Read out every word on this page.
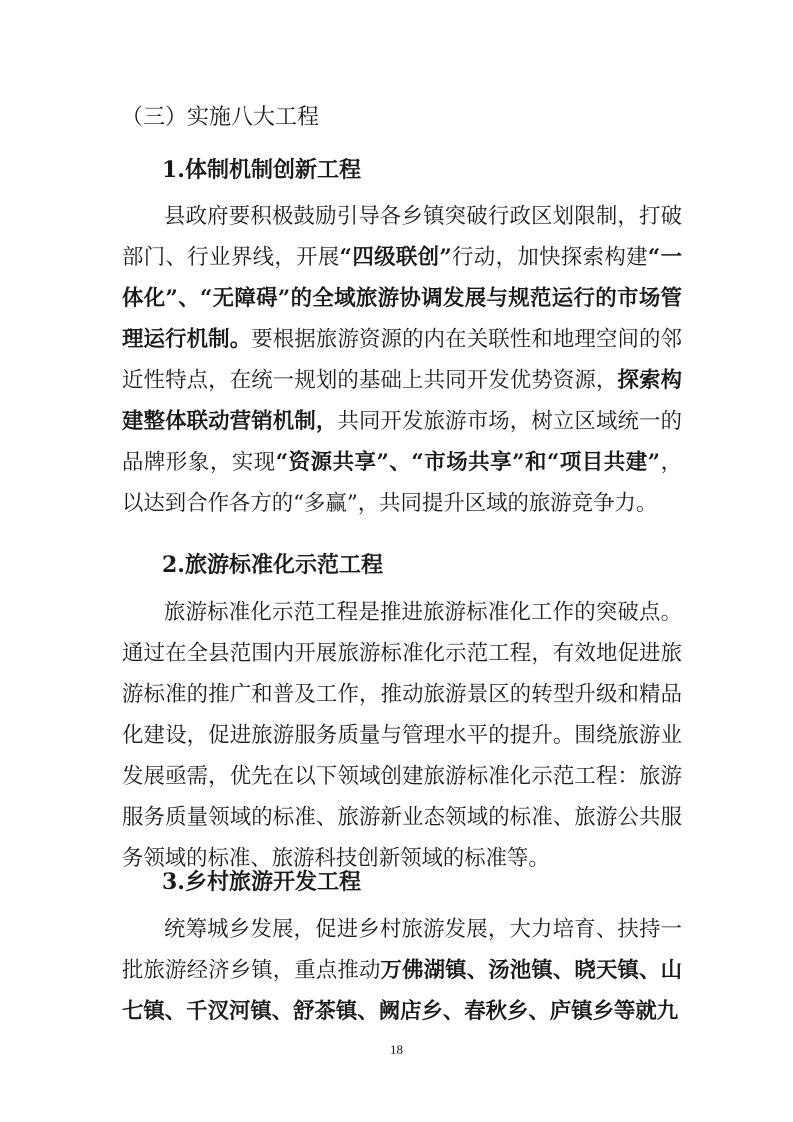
（三）实施八大工程
1.体制机制创新工程

县政府要积极鼓励引导各乡镇突破行政区划限制，打破部门、行业界线，开展“四级联创”行动，加快探索构建“一体化”、“无障碍”的全域旅游协调发展与规范运行的市场管理运行机制。要根据旅游资源的内在关联性和地理空间的邻近性特点，在统一规划的基础上共同开发优势资源，探索构建整体联动营销机制，共同开发旅游市场，树立区域统一的品牌形象，实现“资源共享”、“市场共享”和“项目共建”，以达到合作各方的“多赢”，共同提升区域的旅游竞争力。

2.旅游标准化示范工程

旅游标准化示范工程是推进旅游标准化工作的突破点。通过在全县范围内开展旅游标准化示范工程，有效地促进旅游标准的推广和普及工作，推动旅游景区的转型升级和精品化建设，促进旅游服务质量与管理水平的提升。围绕旅游业发展亟需，优先在以下领域创建旅游标准化示范工程：旅游服务质量领域的标准、旅游新业态领域的标准、旅游公共服务领域的标准、旅游科技创新领域的标准等。

3.乡村旅游开发工程

统筹城乡发展，促进乡村旅游发展，大力培育、扶持一批旅游经济乡镇，重点推动万佛湖镇、汤池镇、晓天镇、山七镇、千汊河镇、舒茶镇、阙店乡、春秋乡、庐镇乡等就九

18
